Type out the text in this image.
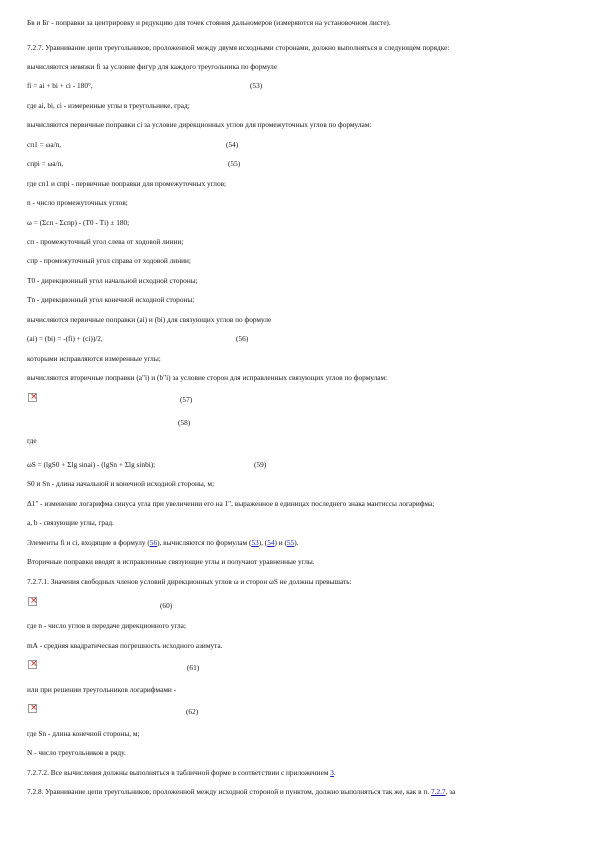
Бв и Бг - поправки за центрировку и редукцию для точек стояния дальномеров (измеряются на установочном листе).
7.2.7. Уравнивание цепи треугольников, проложенной между двумя исходными сторонами, должно выполняться в следующем порядке:
вычисляются невязки fi за условие фигур для каждого треугольника по формуле
fi = ai + bi + ci - 180°,	(53)
где ai, bi, ci - измеренные углы в треугольнике, град;
вычисляются первичные поправки ci за условие дирекционных углов для промежуточных углов по формулам:
сп1 = ωа/n,	(54)
спрi = ωа/n,	(55)
где сп1 и спрi - первичные поправки для промежуточных углов;
n - число промежуточных углов;
ω = (Σсп - Σспр) - (Т0 - Тi) ± 180;
сп - промежуточный угол слева от ходовой линии;
спр - промежуточный угол справа от ходовой линии;
Т0 - дирекционный угол начальной исходной стороны;
Тn - дирекционный угол конечной исходной стороны;
вычисляются первичные поправки (аi) и (bi) для связующих углов по формуле
(аi) = (bi) = -(fi) + (сi))/2,	(56)
которыми исправляются измеренные углы;
вычисляются вторичные поправки (а"i) и (b"i) за условие сторон для исправленных связующих углов по формулам:
×
(57)
(58)
где
ωS = (lgS0 + Σlg sinаi) - (lgSn + Σlg sinbi);	(59)
S0 и Sn - длина начальной и конечной исходной стороны, м;
Δ1" - изменение логарифма синуса угла при увеличении его на 1", выраженное в единицах последнего знака мантиссы логарифма;
а, b - связующие углы, град.
Элементы fi и сi, входящие в формулу (56), вычисляются по формулам (53), (54) и (55).
Вторичные поправки вводят в исправленные связующие углы и получают уравненные углы.
7.2.7.1. Значения свободных членов условий дирекционных углов ω и сторон ωS не должны превышать:
×
(60)
где n - число углов в передаче дирекционного угла;
mА - средняя квадратическая погрешность исходного азимута.
×
(61)
или при решении треугольников логарифмами -
×
(62)
где Sn - длина конечной стороны, м;
N - число треугольников в ряду.
7.2.7.2. Все вычисления должны выполняться в табличной форме в соответствии с приложением 3.
7.2.8. Уравнивание цепи треугольников, проложенной между исходной стороной и пунктом, должно выполняться так же, как в п. 7.2.7, за
